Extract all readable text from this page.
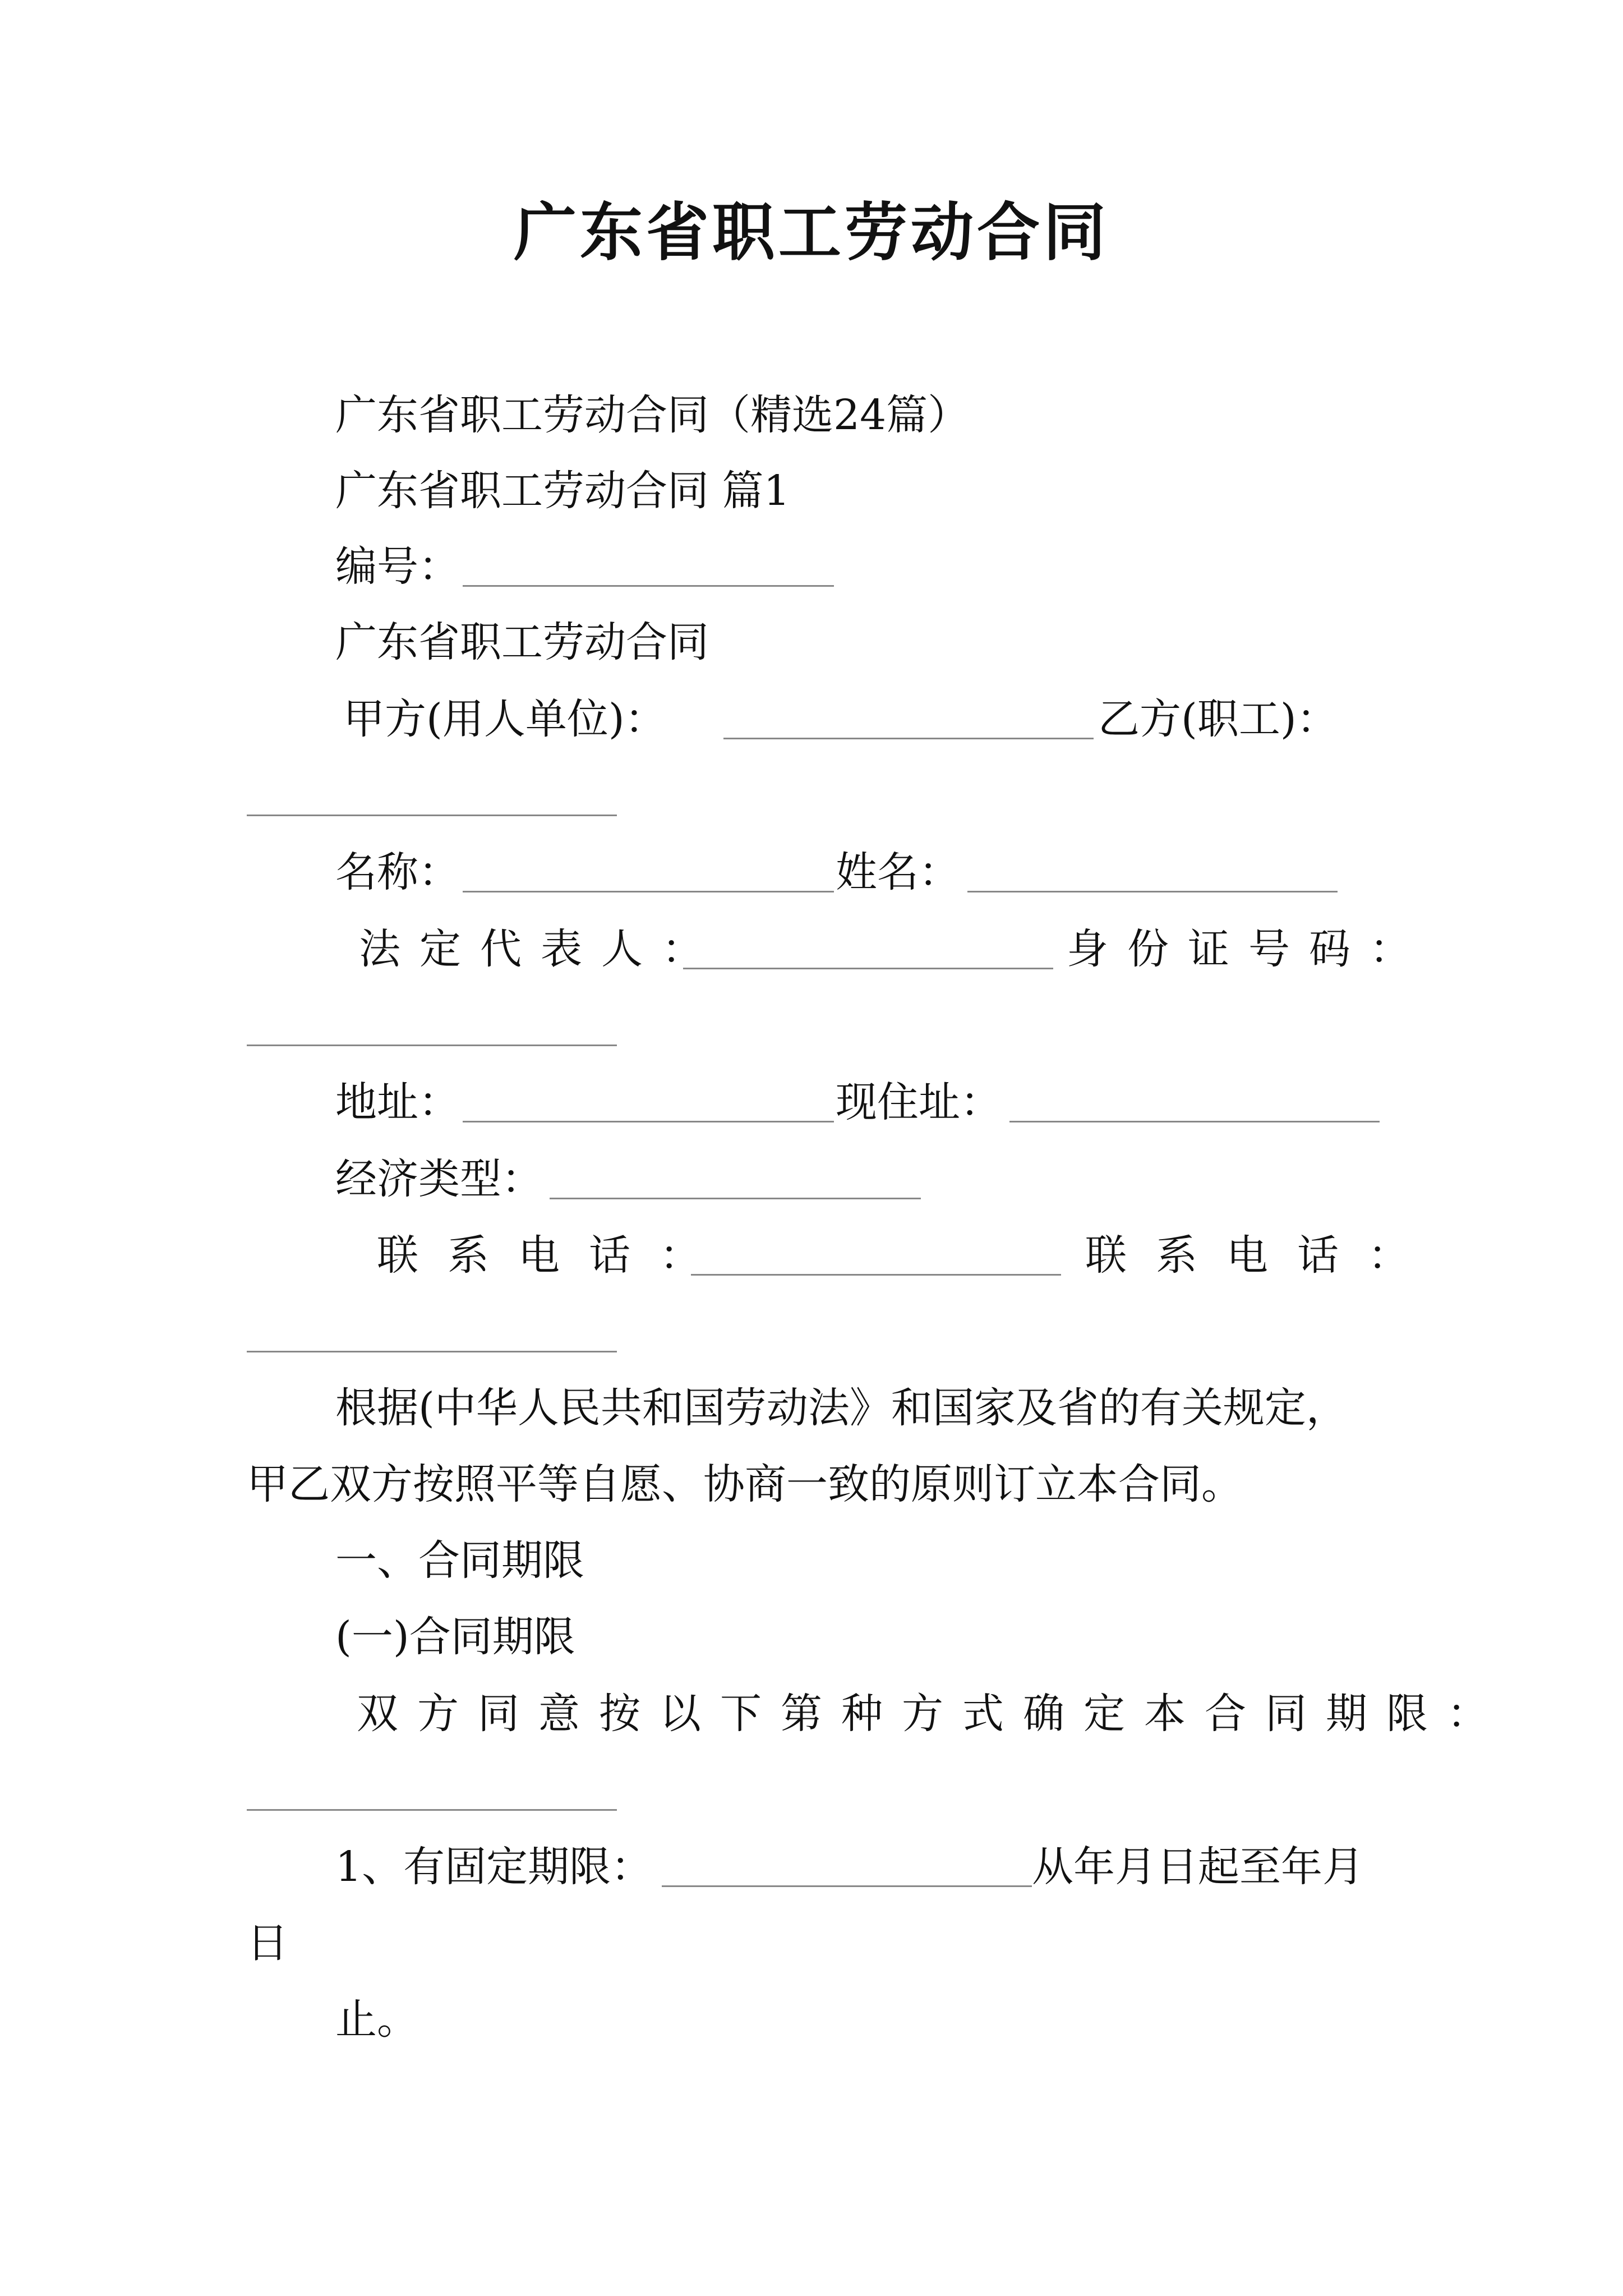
广东省职工劳动合同
广东省职工劳动合同（精选24篇）
广东省职工劳动合同 篇1
编号：
广东省职工劳动合同
甲方(用人单位)：	乙方(职工)：
名称：	姓名：
法定代表人：	身份证号码：
地址：	现住址：
经济类型：
联系电话：	联系电话：
根据(中华人民共和国劳动法》和国家及省的有关规定，
甲乙双方按照平等自愿、协商一致的原则订立本合同。
一、合同期限
(一)合同期限
双方同意按以下第种方式确定本合同期限：
1、有固定期限：	从年月日起至年月
日
止。
